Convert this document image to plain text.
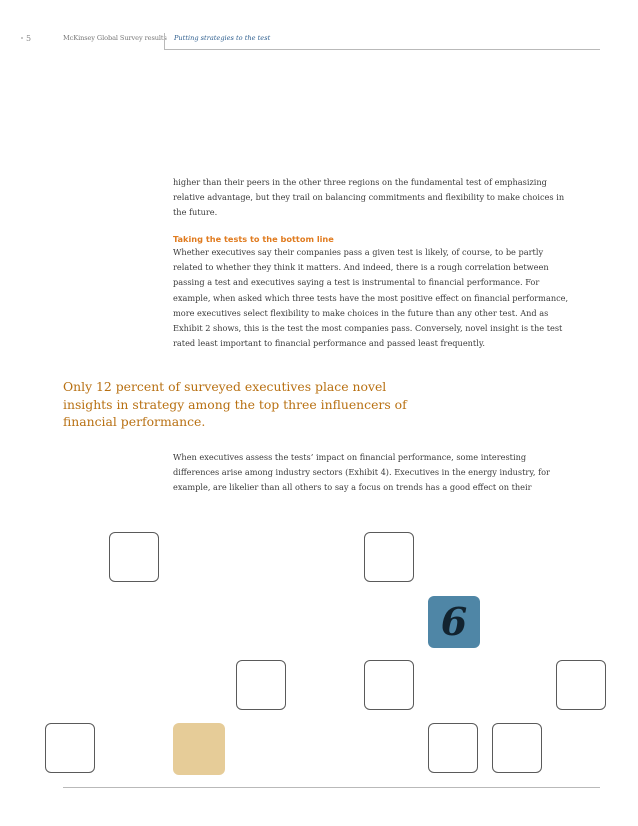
5	McKinsey Global Survey results Putting strategies to the test

higher than their peers in the other three regions on the fundamental test of emphasizing relative advantage, but they trail on balancing commitments and flexibility to make choices in the future.

Taking the tests to the bottom line

Whether executives say their companies pass a given test is likely, of course, to be partly related to whether they think it matters. And indeed, there is a rough correlation between passing a test and executives saying a test is instrumental to financial performance. For example, when asked which three tests have the most positive effect on financial performance, more executives select flexibility to make choices in the future than any other test. And as Exhibit 2 shows, this is the test the most companies pass. Conversely, novel insight is the test rated least important to financial performance and passed least frequently.

Only 12 percent of surveyed executives place novel insights in strategy among the top three influencers of financial performance.

When executives assess the tests’ impact on financial performance, some interesting differences arise among industry sectors (Exhibit 4). Executives in the energy industry, for example, are likelier than all others to say a focus on trends has a good effect on their

6
